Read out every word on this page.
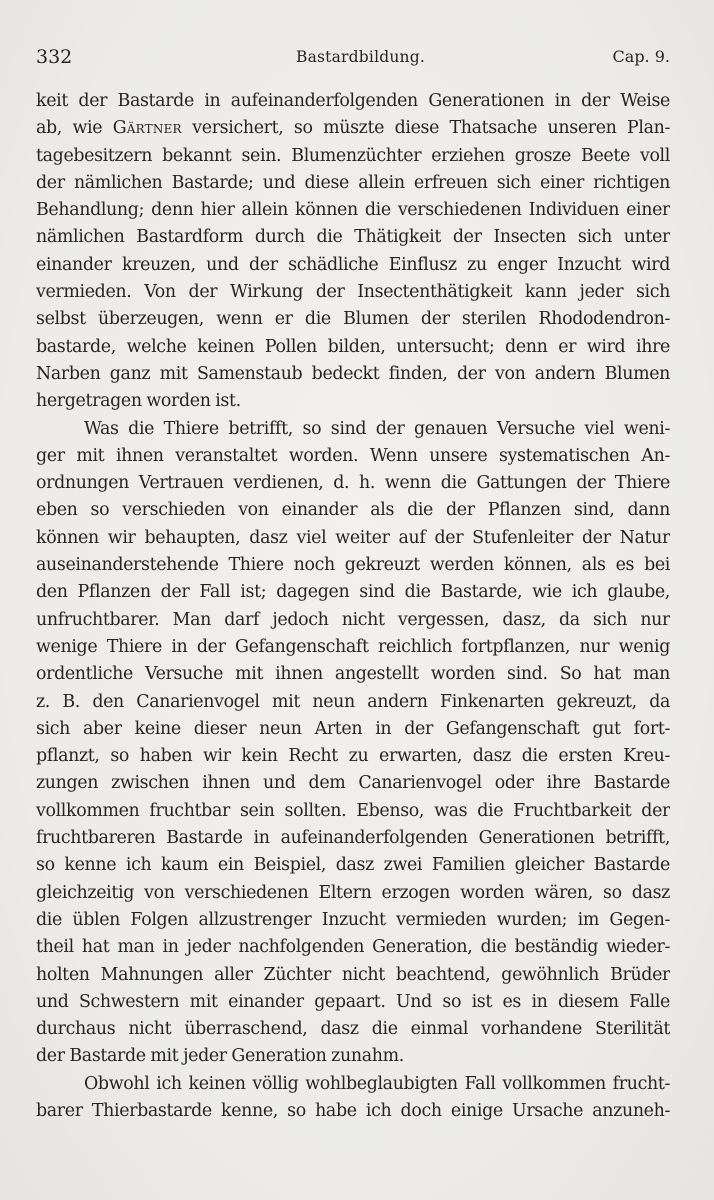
332	Bastardbildung.	Cap. 9.
keit der Bastarde in aufeinanderfolgenden Generationen in der Weise
ab, wie Gärtner versichert, so müszte diese Thatsache unseren Plan-
tagebesitzern bekannt sein. Blumenzüchter erziehen grosze Beete voll
der nämlichen Bastarde; und diese allein erfreuen sich einer richtigen
Behandlung; denn hier allein können die verschiedenen Individuen einer
nämlichen Bastardform durch die Thätigkeit der Insecten sich unter
einander kreuzen, und der schädliche Einflusz zu enger Inzucht wird
vermieden. Von der Wirkung der Insectenthätigkeit kann jeder sich
selbst überzeugen, wenn er die Blumen der sterilen Rhododendron-
bastarde, welche keinen Pollen bilden, untersucht; denn er wird ihre
Narben ganz mit Samenstaub bedeckt finden, der von andern Blumen
hergetragen worden ist.
Was die Thiere betrifft, so sind der genauen Versuche viel weni-
ger mit ihnen veranstaltet worden. Wenn unsere systematischen An-
ordnungen Vertrauen verdienen, d. h. wenn die Gattungen der Thiere
eben so verschieden von einander als die der Pflanzen sind, dann
können wir behaupten, dasz viel weiter auf der Stufenleiter der Natur
auseinanderstehende Thiere noch gekreuzt werden können, als es bei
den Pflanzen der Fall ist; dagegen sind die Bastarde, wie ich glaube,
unfruchtbarer. Man darf jedoch nicht vergessen, dasz, da sich nur
wenige Thiere in der Gefangenschaft reichlich fortpflanzen, nur wenig
ordentliche Versuche mit ihnen angestellt worden sind. So hat man
z. B. den Canarienvogel mit neun andern Finkenarten gekreuzt, da
sich aber keine dieser neun Arten in der Gefangenschaft gut fort-
pflanzt, so haben wir kein Recht zu erwarten, dasz die ersten Kreu-
zungen zwischen ihnen und dem Canarienvogel oder ihre Bastarde
vollkommen fruchtbar sein sollten. Ebenso, was die Fruchtbarkeit der
fruchtbareren Bastarde in aufeinanderfolgenden Generationen betrifft,
so kenne ich kaum ein Beispiel, dasz zwei Familien gleicher Bastarde
gleichzeitig von verschiedenen Eltern erzogen worden wären, so dasz
die üblen Folgen allzustrenger Inzucht vermieden wurden; im Gegen-
theil hat man in jeder nachfolgenden Generation, die beständig wieder-
holten Mahnungen aller Züchter nicht beachtend, gewöhnlich Brüder
und Schwestern mit einander gepaart. Und so ist es in diesem Falle
durchaus nicht überraschend, dasz die einmal vorhandene Sterilität
der Bastarde mit jeder Generation zunahm.
Obwohl ich keinen völlig wohlbeglaubigten Fall vollkommen frucht-
barer Thierbastarde kenne, so habe ich doch einige Ursache anzuneh-
